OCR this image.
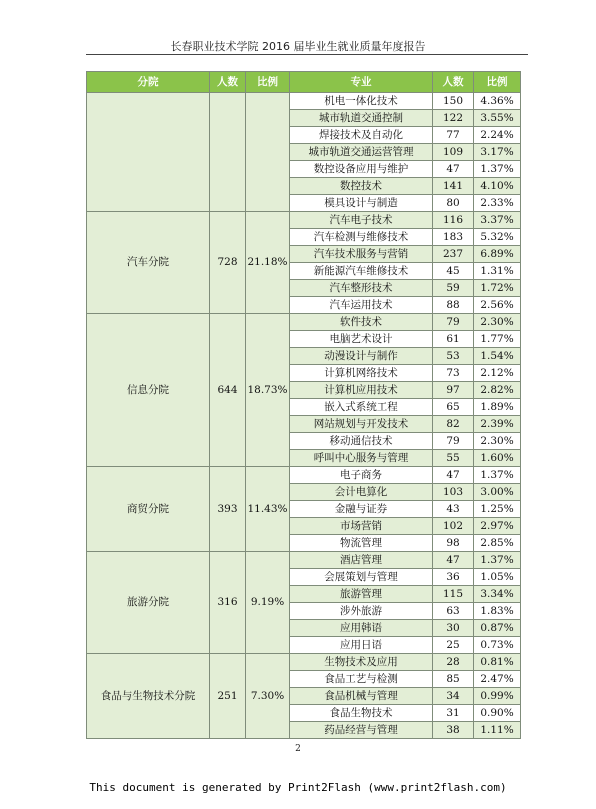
长春职业技术学院 2016 届毕业生就业质量年度报告
分院	人数	比例	专业	人数	比例
			机电一体化技术	150	4.36%
			城市轨道交通控制	122	3.55%
			焊接技术及自动化	77	2.24%
			城市轨道交通运营管理	109	3.17%
			数控设备应用与维护	47	1.37%
			数控技术	141	4.10%
			模具设计与制造	80	2.33%
汽车分院	728	21.18%	汽车电子技术	116	3.37%
			汽车检测与维修技术	183	5.32%
			汽车技术服务与营销	237	6.89%
			新能源汽车维修技术	45	1.31%
			汽车整形技术	59	1.72%
			汽车运用技术	88	2.56%
信息分院	644	18.73%	软件技术	79	2.30%
			电脑艺术设计	61	1.77%
			动漫设计与制作	53	1.54%
			计算机网络技术	73	2.12%
			计算机应用技术	97	2.82%
			嵌入式系统工程	65	1.89%
			网站规划与开发技术	82	2.39%
			移动通信技术	79	2.30%
			呼叫中心服务与管理	55	1.60%
商贸分院	393	11.43%	电子商务	47	1.37%
			会计电算化	103	3.00%
			金融与证券	43	1.25%
			市场营销	102	2.97%
			物流管理	98	2.85%
旅游分院	316	9.19%	酒店管理	47	1.37%
			会展策划与管理	36	1.05%
			旅游管理	115	3.34%
			涉外旅游	63	1.83%
			应用韩语	30	0.87%
			应用日语	25	0.73%
食品与生物技术分院	251	7.30%	生物技术及应用	28	0.81%
			食品工艺与检测	85	2.47%
			食品机械与管理	34	0.99%
			食品生物技术	31	0.90%
			药品经营与管理	38	1.11%
2
This document is generated by Print2Flash (www.print2flash.com)
